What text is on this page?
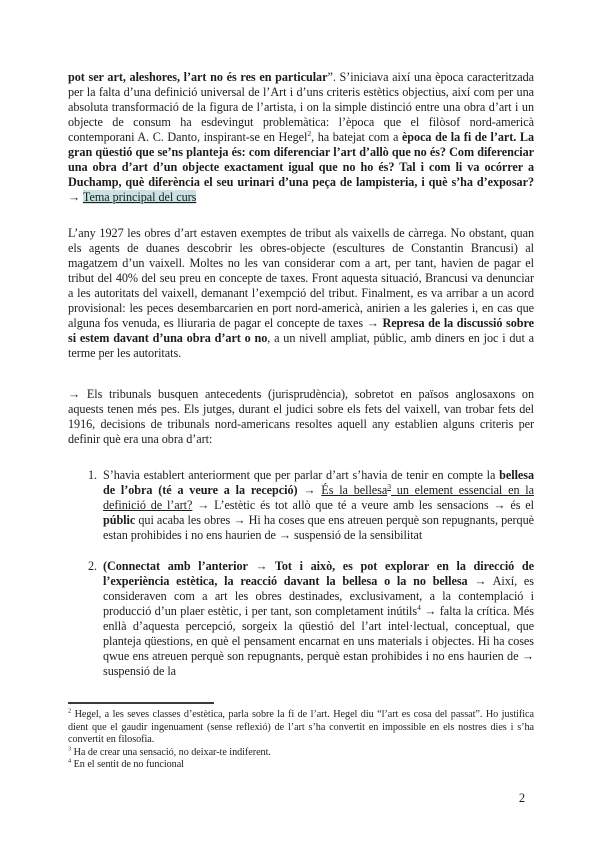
pot ser art, aleshores, l’art no és res en particular”. S’iniciava així una època caracteritzada per la falta d’una definició universal de l’Art i d’uns criteris estètics objectius, així com per una absoluta transformació de la figura de l’artista, i on la simple distinció entre una obra d’art i un objecte de consum ha esdevingut problemàtica: l’època que el filòsof nord-americà contemporani A. C. Danto, inspirant-se en Hegel$^2$, ha batejat com a època de la fi de l’art. La gran qüestió que se’ns planteja és: com diferenciar l’art d’allò que no és? Com diferenciar una obra d’art d’un objecte exactament igual que no ho és? Tal i com li va ocórrer a Duchamp, què diferència el seu urinari d’una peça de lampisteria, i què s’ha d’exposar? → Tema principal del curs
L’any 1927 les obres d’art estaven exemptes de tribut als vaixells de càrrega. No obstant, quan els agents de duanes descobrir les obres-objecte (escultures de Constantin Brancusi) al magatzem d’un vaixell. Moltes no les van considerar com a art, per tant, havien de pagar el tribut del 40% del seu preu en concepte de taxes. Front aquesta situació, Brancusi va denunciar a les autoritats del vaixell, demanant l’exempció del tribut. Finalment, es va arribar a un acord provisional: les peces desembarcarien en port nord-americà, anirien a les galeries i, en cas que alguna fos venuda, es lliuraria de pagar el concepte de taxes → Represa de la discussió sobre si estem davant d’una obra d’art o no, a un nivell ampliat, públic, amb diners en joc i dut a terme per les autoritats.
→ Els tribunals busquen antecedents (jurisprudència), sobretot en països anglosaxons on aquests tenen més pes. Els jutges, durant el judici sobre els fets del vaixell, van trobar fets del 1916, decisions de tribunals nord-americans resoltes aquell any establien alguns criteris per definir què era una obra d’art:
1. S’havia establert anteriorment que per parlar d’art s’havia de tenir en compte la bellesa de l’obra (té a veure a la recepció) → És la bellesa$^3$ un element essencial en la definició de l’art? → L’estètic és tot allò que té a veure amb les sensacions → és el públic qui acaba les obres → Hi ha coses que ens atreuen perquè son repugnants, perquè estan prohibides i no ens haurien de → suspensió de la sensibilitat
2. (Connectat amb l’anterior → Tot i això, es pot explorar en la direcció de l’experiència estètica, la reacció davant la bellesa o la no bellesa → Així, es consideraven com a art les obres destinades, exclusivament, a la contemplació i producció d’un plaer estètic, i per tant, son completament inútils$^4$ → falta la crítica. Més enllà d’aquesta percepció, sorgeix la qüestió del l’art intel·lectual, conceptual, que planteja qüestions, en què el pensament encarnat en uns materials i objectes. Hi ha coses qwue ens atreuen perquè son repugnants, perquè estan prohibides i no ens haurien de → suspensió de la
$^2$ Hegel, a les seves classes d’estètica, parla sobre la fi de l’art. Hegel diu “l’art es cosa del passat”. Ho justifica dient que el gaudir ingenuament (sense reflexió) de l’art s’ha convertit en impossible en els nostres dies i s’ha convertit en filosofia.
$^3$ Ha de crear una sensació, no deixar-te indiferent.
$^4$ En el sentit de no funcional
2
